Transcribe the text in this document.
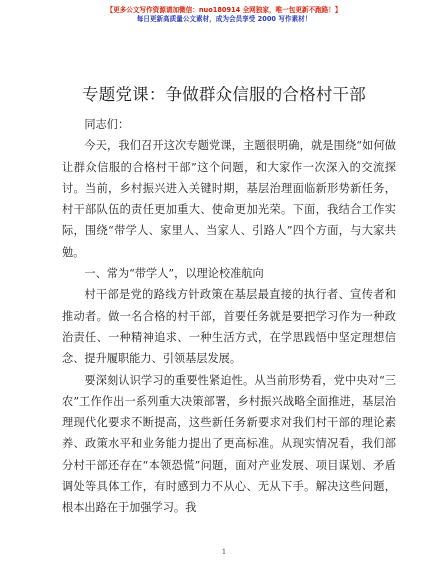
【更多公文写作资源请加微信：nuo180914 全网独家，唯一包更新不跑路！】
每日更新高质量公文素材，成为会员享受 2000 写作素材！
专题党课：争做群众信服的合格村干部

同志们：

今天，我们召开这次专题党课，主题很明确，就是围绕“如何做让群众信服的合格村干部”这个问题，和大家作一次深入的交流探讨。当前，乡村振兴进入关键时期，基层治理面临新形势新任务，村干部队伍的责任更加重大、使命更加光荣。下面，我结合工作实际，围绕“带学人、家里人、当家人、引路人”四个方面，与大家共勉。

一、常为“带学人”，以理论校准航向

村干部是党的路线方针政策在基层最直接的执行者、宣传者和推动者。做一名合格的村干部，首要任务就是要把学习作为一种政治责任、一种精神追求、一种生活方式，在学思践悟中坚定理想信念、提升履职能力、引领基层发展。

要深刻认识学习的重要性紧迫性。从当前形势看，党中央对“三农”工作作出一系列重大决策部署，乡村振兴战略全面推进，基层治理现代化要求不断提高，这些新任务新要求对我们村干部的理论素养、政策水平和业务能力提出了更高标准。从现实情况看，我们部分村干部还存在“本领恐慌”问题，面对产业发展、项目谋划、矛盾调处等具体工作，有时感到力不从心、无从下手。解决这些问题，根本出路在于加强学习。我

1
